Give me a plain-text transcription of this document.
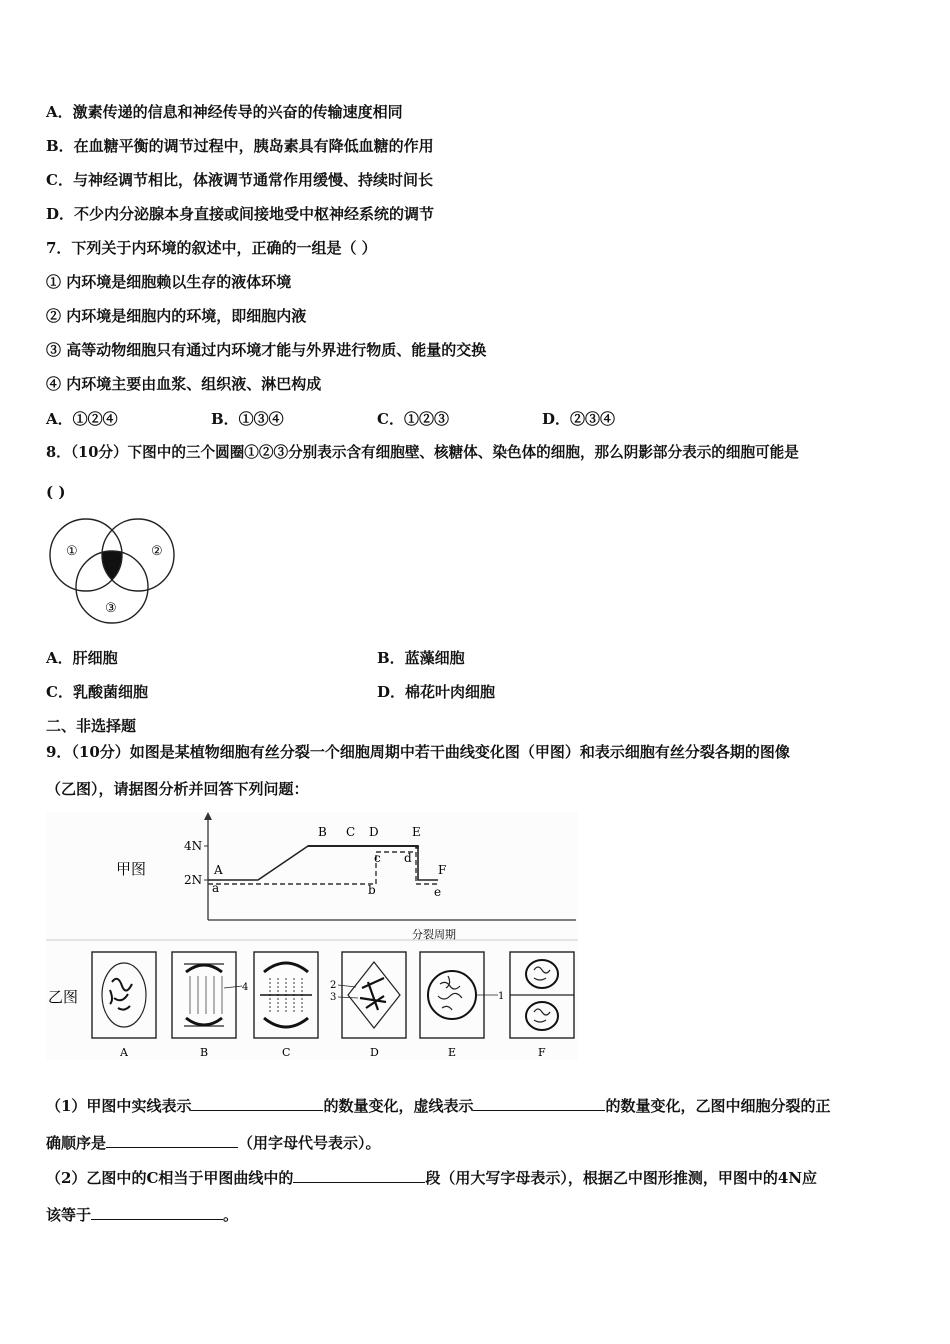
A．激素传递的信息和神经传导的兴奋的传输速度相同
B．在血糖平衡的调节过程中，胰岛素具有降低血糖的作用
C．与神经调节相比，体液调节通常作用缓慢、持续时间长
D．不少内分泌腺本身直接或间接地受中枢神经系统的调节
7．下列关于内环境的叙述中，正确的一组是（ ）
① 内环境是细胞赖以生存的液体环境
② 内环境是细胞内的环境，即细胞内液
③ 高等动物细胞只有通过内环境才能与外界进行物质、能量的交换
④ 内环境主要由血浆、组织液、淋巴构成
A．①②④	B．①③④	C．①②③	D．②③④
8．（10分）下图中的三个圆圈①②③分别表示含有细胞壁、核糖体、染色体的细胞，那么阴影部分表示的细胞可能是
( )
①	②
③
A．肝细胞	B．蓝藻细胞
C．乳酸菌细胞	D．棉花叶肉细胞
二、非选择题
9．（10分）如图是某植物细胞有丝分裂一个细胞周期中若干曲线变化图（甲图）和表示细胞有丝分裂各期的图像
（乙图），请据图分析并回答下列问题：
甲图
4N
2N
A
B C D	E
F
a	b
c d
e
分裂周期
乙图
4	2
3	1
A	B	C	D	E	F
（1）甲图中实线表示	的数量变化，虚线表示	的数量变化，乙图中细胞分裂的正
确顺序是	（用字母代号表示）。
（2）乙图中的C相当于甲图曲线中的	段（用大写字母表示），根据乙中图形推测，甲图中的4N应
该等于	。
